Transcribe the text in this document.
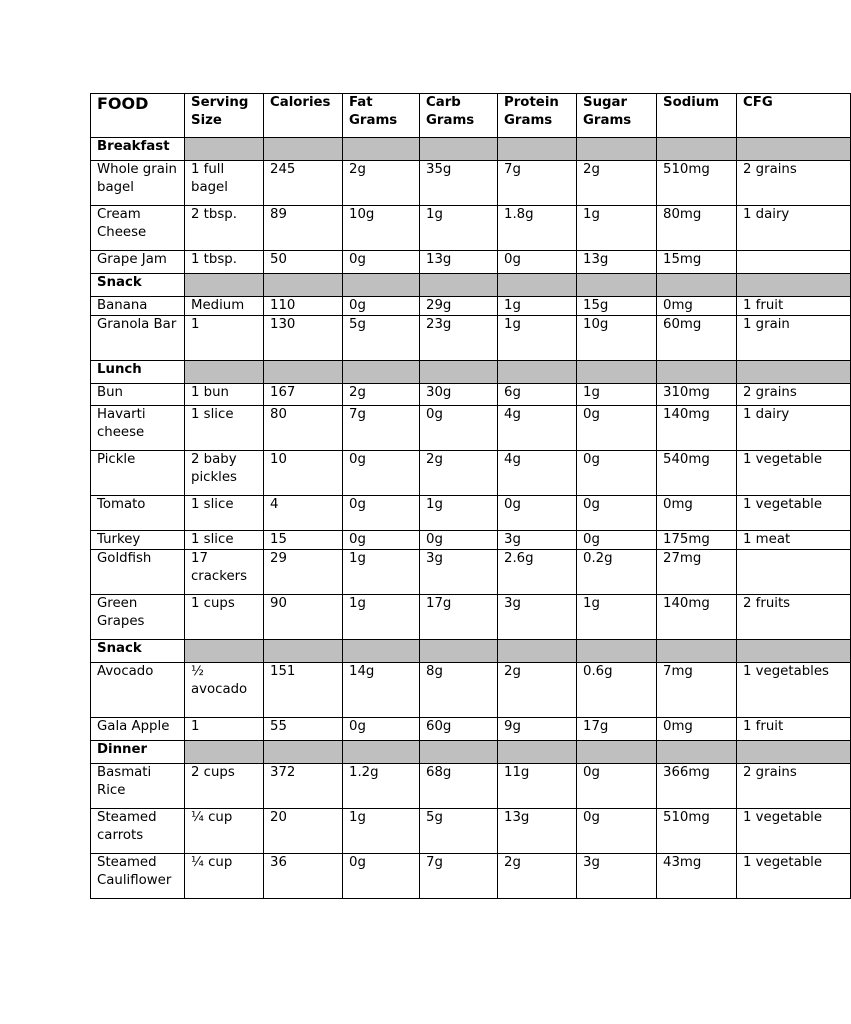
FOOD	Serving Size	Calories	Fat Grams	Carb Grams	Protein Grams	Sugar Grams	Sodium	CFG
Breakfast								
Whole grain bagel	1 full bagel	245	2g	35g	7g	2g	510mg	2 grains
Cream Cheese	2 tbsp.	89	10g	1g	1.8g	1g	80mg	1 dairy
Grape Jam	1 tbsp.	50	0g	13g	0g	13g	15mg	
Snack								
Banana	Medium	110	0g	29g	1g	15g	0mg	1 fruit
Granola Bar	1	130	5g	23g	1g	10g	60mg	1 grain
Lunch								
Bun	1 bun	167	2g	30g	6g	1g	310mg	2 grains
Havarti cheese	1 slice	80	7g	0g	4g	0g	140mg	1 dairy
Pickle	2 baby pickles	10	0g	2g	4g	0g	540mg	1 vegetable
Tomato	1 slice	4	0g	1g	0g	0g	0mg	1 vegetable
Turkey	1 slice	15	0g	0g	3g	0g	175mg	1 meat
Goldfish	17 crackers	29	1g	3g	2.6g	0.2g	27mg	
Green Grapes	1 cups	90	1g	17g	3g	1g	140mg	2 fruits
Snack								
Avocado	½ avocado	151	14g	8g	2g	0.6g	7mg	1 vegetables
Gala Apple	1	55	0g	60g	9g	17g	0mg	1 fruit
Dinner								
Basmati Rice	2 cups	372	1.2g	68g	11g	0g	366mg	2 grains
Steamed carrots	¼ cup	20	1g	5g	13g	0g	510mg	1 vegetable
Steamed Cauliflower	¼ cup	36	0g	7g	2g	3g	43mg	1 vegetable
